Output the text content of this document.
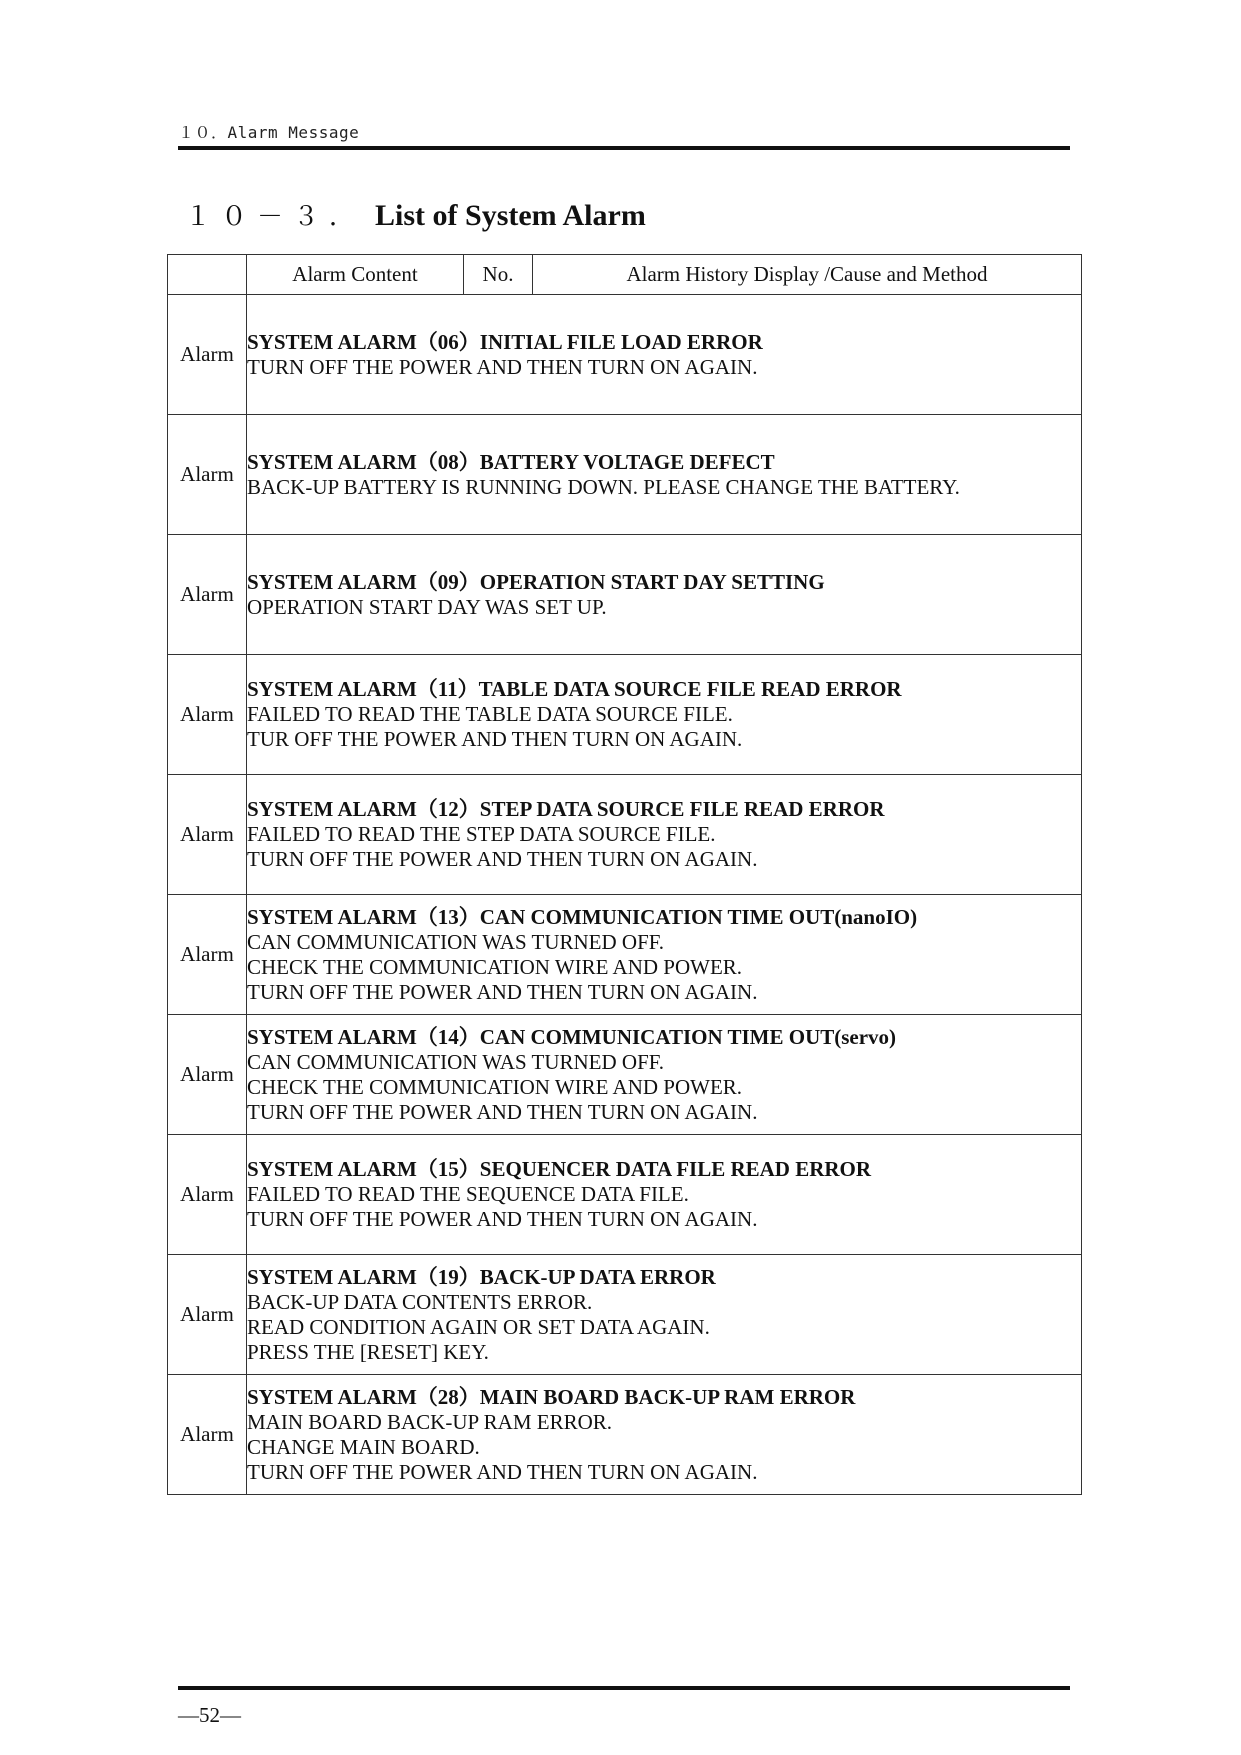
１０．Alarm Message
１０－３． List of System Alarm
	Alarm Content	No.	Alarm History Display /Cause and Method
Alarm	SYSTEM ALARM（06）INITIAL FILE LOAD ERROR
TURN OFF THE POWER AND THEN TURN ON AGAIN.		

Alarm	SYSTEM ALARM（08）BATTERY VOLTAGE DEFECT
BACK-UP BATTERY IS RUNNING DOWN. PLEASE CHANGE THE BATTERY.		

Alarm	SYSTEM ALARM（09）OPERATION START DAY SETTING
OPERATION START DAY WAS SET UP.		

Alarm	SYSTEM ALARM（11）TABLE DATA SOURCE FILE READ ERROR
FAILED TO READ THE TABLE DATA SOURCE FILE.
TUR OFF THE POWER AND THEN TURN ON AGAIN.		

Alarm	SYSTEM ALARM（12）STEP DATA SOURCE FILE READ ERROR
FAILED TO READ THE STEP DATA SOURCE FILE.
TURN OFF THE POWER AND THEN TURN ON AGAIN.		

Alarm	SYSTEM ALARM（13）CAN COMMUNICATION TIME OUT(nanoIO)
CAN COMMUNICATION WAS TURNED OFF.
CHECK THE COMMUNICATION WIRE AND POWER.
TURN OFF THE POWER AND THEN TURN ON AGAIN.		

Alarm	SYSTEM ALARM（14）CAN COMMUNICATION TIME OUT(servo)
CAN COMMUNICATION WAS TURNED OFF.
CHECK THE COMMUNICATION WIRE AND POWER.
TURN OFF THE POWER AND THEN TURN ON AGAIN.		

Alarm	SYSTEM ALARM（15）SEQUENCER DATA FILE READ ERROR
FAILED TO READ THE SEQUENCE DATA FILE.
TURN OFF THE POWER AND THEN TURN ON AGAIN.		

Alarm	SYSTEM ALARM（19）BACK-UP DATA ERROR
BACK-UP DATA CONTENTS ERROR.
READ CONDITION AGAIN OR SET DATA AGAIN.
PRESS THE [RESET] KEY.		

Alarm	SYSTEM ALARM（28）MAIN BOARD BACK-UP RAM ERROR
MAIN BOARD BACK-UP RAM ERROR.
CHANGE MAIN BOARD.
TURN OFF THE POWER AND THEN TURN ON AGAIN.		
—52—
